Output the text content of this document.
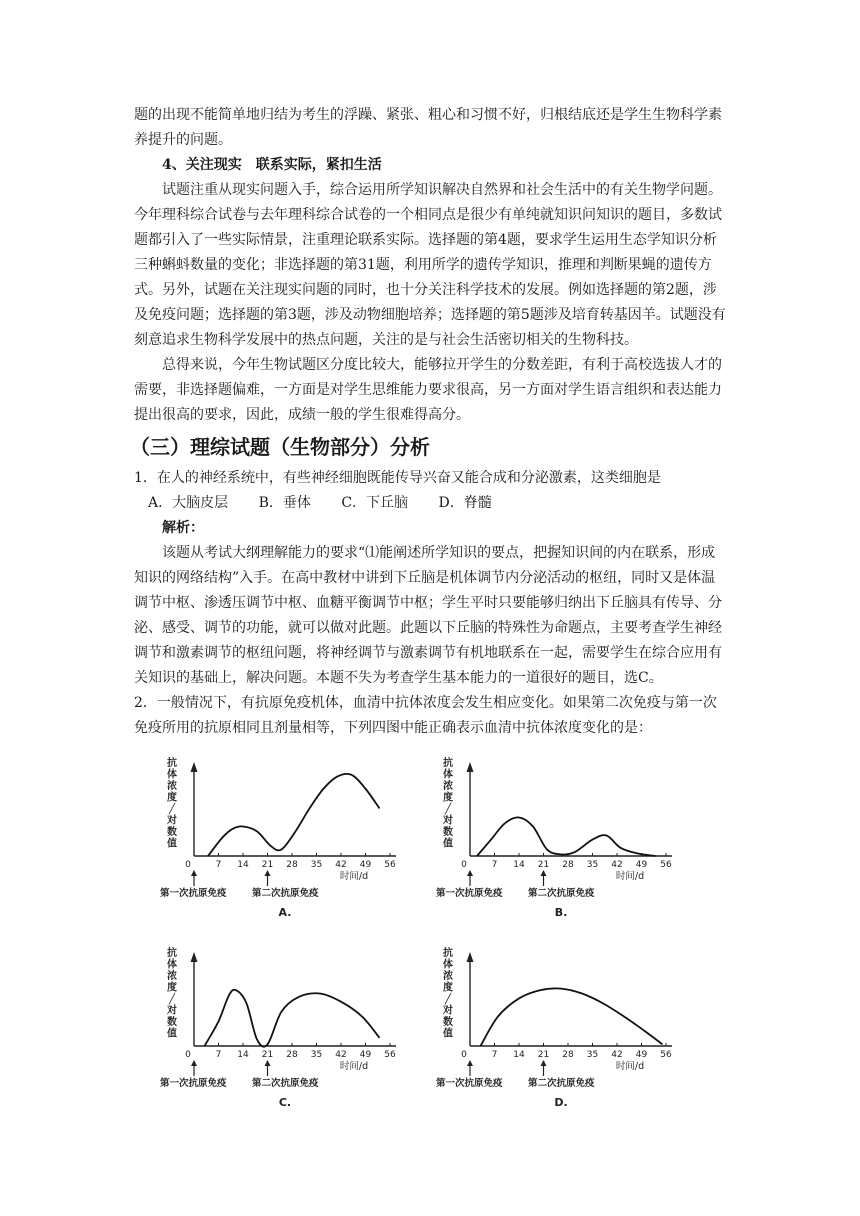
题的出现不能简单地归结为考生的浮躁、紧张、粗心和习惯不好，归根结底还是学生生物科学素养提升的问题。

4、关注现实　联系实际，紧扣生活

试题注重从现实问题入手，综合运用所学知识解决自然界和社会生活中的有关生物学问题。今年理科综合试卷与去年理科综合试卷的一个相同点是很少有单纯就知识问知识的题目，多数试题都引入了一些实际情景，注重理论联系实际。选择题的第4题，要求学生运用生态学知识分析三种蝌蚪数量的变化；非选择题的第31题，利用所学的遗传学知识，推理和判断果蝇的遗传方式。另外，试题在关注现实问题的同时，也十分关注科学技术的发展。例如选择题的第2题，涉及免疫问题；选择题的第3题，涉及动物细胞培养；选择题的第5题涉及培育转基因羊。试题没有刻意追求生物科学发展中的热点问题，关注的是与社会生活密切相关的生物科技。

总得来说，今年生物试题区分度比较大，能够拉开学生的分数差距，有利于高校选拔人才的需要，非选择题偏难，一方面是对学生思维能力要求很高，另一方面对学生语言组织和表达能力提出很高的要求，因此，成绩一般的学生很难得高分。

（三）理综试题（生物部分）分析

1．在人的神经系统中，有些神经细胞既能传导兴奋又能合成和分泌激素，这类细胞是

A．大脑皮层 B．垂体 C．下丘脑 D．脊髓

解析：

该题从考试大纲理解能力的要求“⑴能阐述所学知识的要点，把握知识间的内在联系，形成知识的网络结构”入手。在高中教材中讲到下丘脑是机体调节内分泌活动的枢纽，同时又是体温调节中枢、渗透压调节中枢、血糖平衡调节中枢；学生平时只要能够归纳出下丘脑具有传导、分泌、感受、调节的功能，就可以做对此题。此题以下丘脑的特殊性为命题点，主要考查学生神经调节和激素调节的枢纽问题，将神经调节与激素调节有机地联系在一起，需要学生在综合应用有关知识的基础上，解决问题。本题不失为考查学生基本能力的一道很好的题目，选C。

2．一般情况下，有抗原免疫机体，血清中抗体浓度会发生相应变化。如果第二次免疫与第一次免疫所用的抗原相同且剂量相等，下列四图中能正确表示血清中抗体浓度变化的是：

抗
体
浓
度
╱
对
数
值
0	7 14 21 28 35 42 49 56
时间/d
第一次抗原免疫	第二次抗原免疫
A.
抗
体
浓
度
╱
对
数
值
0	7 14 21 28 35 42 49 56
时间/d
第一次抗原免疫	第二次抗原免疫
B.
抗
体
浓
度
╱
对
数
值
0	7 14 21 28 35 42 49 56
时间/d
第一次抗原免疫	第二次抗原免疫
C.
抗
体
浓
度
╱
对
数
值
0	7 14 21 28 35 42 49 56
时间/d
第一次抗原免疫	第二次抗原免疫
D.
